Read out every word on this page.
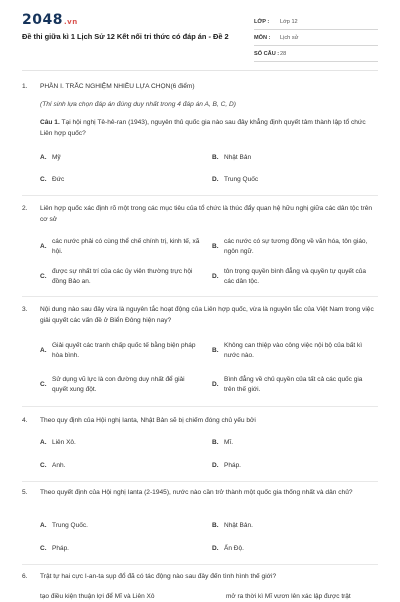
2048.vn
Đề thi giữa kì 1 Lịch Sử 12 Kết nối tri thức có đáp án - Đề 2
LỚP :	Lớp 12
MÔN :	Lịch sử
SỐ CÂU : 28
1. PHẦN I. TRẮC NGHIỆM NHIỀU LỰA CHỌN(6 điểm)
(Thí sinh lựa chọn đáp án đúng duy nhất trong 4 đáp án A, B, C, D)
Câu 1. Tại hội nghị Tê-hê-ran (1943), nguyên thủ quốc gia nào sau đây khẳng định quyết tâm thành lập tổ chức Liên hợp quốc?
A. Mỹ	B. Nhật Bản
C. Đức	D. Trung Quốc
2. Liên hợp quốc xác định rõ một trong các mục tiêu của tổ chức là thúc đẩy quan hệ hữu nghị giữa các dân tộc trên cơ sở
A.
các nước phải có cùng thể chế chính trị, kinh tế, xã hội.
B.
các nước có sự tương đồng về văn hóa, tôn giáo, ngôn ngữ.
C.
được sự nhất trí của các ủy viên thường trực hội đồng Bảo an.
D.
tôn trọng quyền bình đẳng và quyền tự quyết của các dân tộc.
3. Nội dung nào sau đây vừa là nguyên tắc hoạt động của Liên hợp quốc, vừa là nguyên tắc của Việt Nam trong việc giải quyết các vấn đề ở Biển Đông hiện nay?
A.
Giải quyết các tranh chấp quốc tế bằng biện pháp hòa bình.
B.
Không can thiệp vào công việc nội bộ của bất kì nước nào.
C.
Sử dụng vũ lực là con đường duy nhất để giải quyết xung đột.
D.
Bình đẳng về chủ quyền của tất cả các quốc gia trên thế giới.
4. Theo quy định của Hội nghị Ianta, Nhật Bản sẽ bị chiếm đóng chủ yếu bởi
A. Liên Xô.	B. Mĩ.
C. Anh.	D. Pháp.
5. Theo quyết định của Hội nghị Ianta (2-1945), nước nào cần trở thành một quốc gia thống nhất và dân chủ?
A. Trung Quốc.	B. Nhật Bản.
C. Pháp.	D. Ấn Độ.
6. Trật tự hai cực I-an-ta sụp đổ đã có tác động nào sau đây đến tình hình thế giới?
tạo điều kiện thuận lợi để Mĩ và Liên Xô	mở ra thời kì Mĩ vươn lên xác lập được trật
